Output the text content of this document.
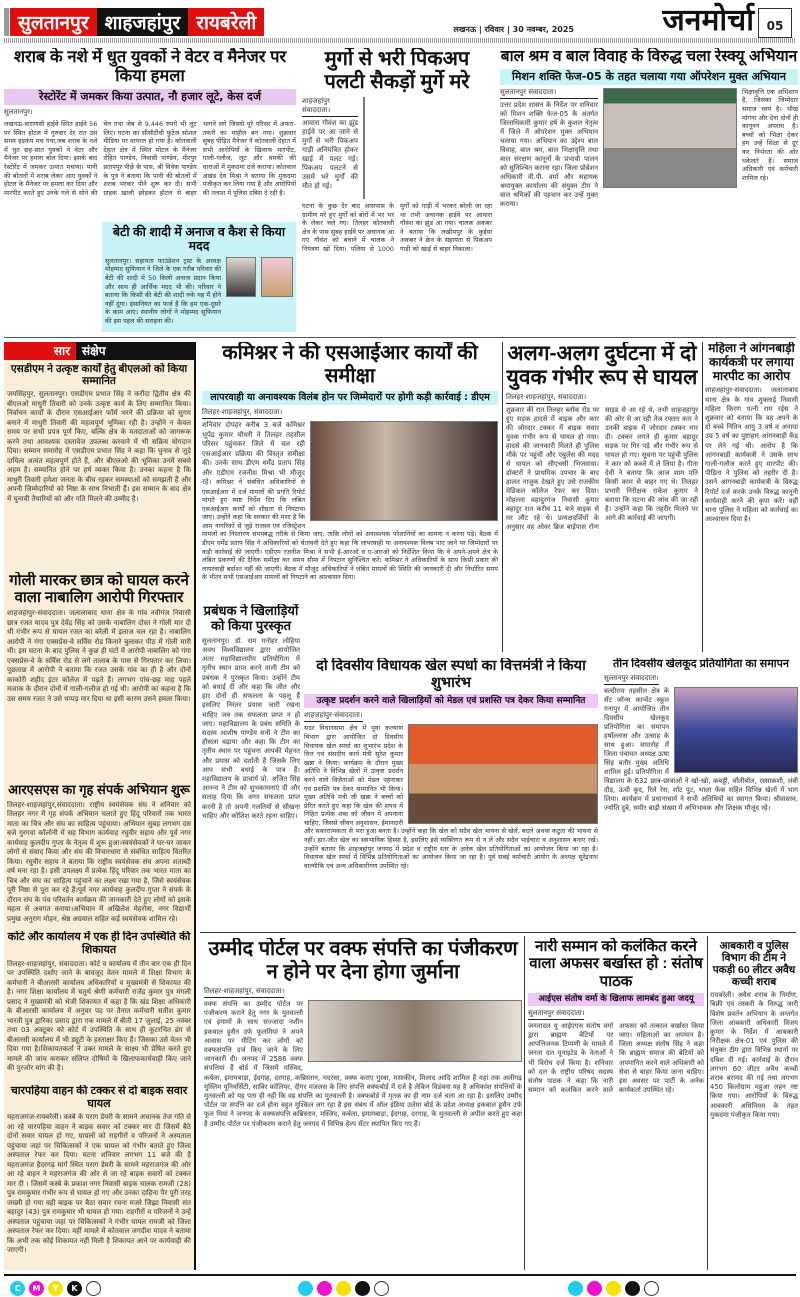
सुलतानपुर शाहजहांपुर रायबरेली	लखनऊ | रविवार | 30 नवम्बर, 2025	जनमोर्चा	05
शराब के नशे में धुत युवकों ने वेटर व मैनेजर पर किया हमला
रेस्टोरेंट में जमकर किया उत्पात, नौ हजार लूटे, केस दर्ज
सुलतानपुर।
लखनऊ-वाराणसी हाईवे स्थित हाईवे 56 पर स्थित होटल में गुरुवार देर रात उस समय हड़कंप मच गया,जब शराब के नशे में धुत छह-सात युवकों ने वेटर और मैनेजर पर हमला बोल दिया। इसके बाद रेस्टोरेंट में जमकर उत्पात मचाया। पानी की बोतलों में शराब लेकर आए युवकों ने होटल के मैनेजर पर हमला कर दिया और मारपीट करते हुए उनके गले से सोने की चेन तथा जेब से 9,446 रुपये भी लूट लिए। घटना का सीसीटीवी फुटेज सोशल मीडिया पर वायरल हो गया है। कोतवाली देहात क्षेत्र में स्थित मोटल के मैनेजर रोहित पाण्डेय, निवासी पाण्डेय, मीरपुर प्रतापपुर पीछे के पास, श्री विवेक पाण्डेय के पुत्र ने बताया कि पानी की बोतलों में शराब भरकर पीने शुरू कर दी। सभी ग्राहक खाली छोड़कर होटल से बाहर भागने लगे जिससे पूरे परिसर में अफरा-तफरी का माहौल बन गया। शुक्रवार सुबह पीड़ित मैनेजर ने कोतवाली देहात में सभी आरोपियों के खिलाफ मारपीट, गाली-गलौज, लूट और धमकी की धाराओं में मुकदमा दर्ज कराया। कोतवाल अखंड देव मिश्रा ने बताया कि मुकदमा पंजीकृत कर लिया गया है और आरोपियों की तलाश में पुलिस दबिश दे रही है।
बेटी की शादी में अनाज व कैश से किया मदद
सुलतानपुर। सहायता फाउंडेशन ट्रस्ट के अध्यक्ष मोहम्मद सुफियान ने जिले के एक गरीब परिवार की बेटी की शादी में 50 किलो अनाज प्रदान किया और साथ ही आर्थिक मदद भी की। परिवार ने बताया कि किसी की बेटी की शादी रुके यह मैं होने नहीं दूंगा। इंसानियत का फर्ज है कि हम एक-दूसरे के काम आएं। स्थानीय लोगों ने मोहम्मद सुफियान की इस पहल की सराहना की।
मुर्गो से भरी पिकअप पलटी सैकड़ों मुर्गे मरे
शाहजहांपुर संवाददाता।
आवारा गौवंश का झुंड हाईवे पर आ जाने से मुर्गों से भरी पिकअप गाड़ी अनियंत्रित होकर खाई में पलट गई। पिकअप पलटने से उसमें भरे मुर्गों की मौत हो गई।
घटना के कुछ देर बाद आसपास के ग्रामीण मरे हुए मुर्गों को बोरों में भर भर के लेकर चले गए। तिलहर कोतवाली क्षेत्र के पास सुबह हाईवे पर अचानक आ गए गौवंश को बचाने में चालक ने नियंत्रण खो दिया। पलिया से 1000 मुर्गों को गाड़ी में भरकर बरेली जा रहा था तभी अचानक हाईवे पर आवारा गौवंश का झुंड आ गया। चालक अकबर ने बताया कि लखीमपुर के कुईयां अकबर ने क्रेन के सहायता से पिकअप गाड़ी को खाई से बाहर निकाला।
बाल श्रम व बाल विवाह के विरुद्ध चला रेस्क्यू अभियान
मिशन शक्ति फेज-05 के तहत चलाया गया ऑपरेशन मुक्त अभियान
सुलतानपुर संवाददाता।
उत्तर प्रदेश शासन के निर्देश पर शनिवार को मिशन शक्ति फेज-05 के अंतर्गत जिलाधिकारी कुमार हर्ष के कुशल नेतृत्व में जिले में ऑपरेशन मुक्त अभियान चलाया गया। अभियान का उद्देश्य बाल विवाह, बाल श्रम, बाल भिक्षावृत्ति तथा बाल संरक्षण कानूनों के प्रभावी पालन को सुनिश्चित कराना रहा। जिला प्रोबेशन अधिकारी वी.पी. वर्मा और सहायक श्रमायुक्त कार्यालय की संयुक्त टीम ने बाल श्रमिकों की पहचान कर उन्हें मुक्त कराया।
भिक्षावृत्ति एक अभिशाप है, जिसका जिम्मेदार समाज स्वयं है। भीख मांगना और देना दोनों ही कानूनन अपराध है। बच्चों को भिक्षा देकर हम उन्हें शिक्षा से दूर कर निर्भरता की ओर धकेलते हैं। समाज अधिकारी एवं कर्मचारी शामिल रहे।
सार	संक्षेप
एसडीएम ने उत्कृष्ट कार्यों हेतु बीएलओ को किया सम्मानित
जयसिंहपुर, सुलतानपुर। एसडीएम प्रभात सिंह ने करौंदा द्वितीय क्षेत्र की बीएलओ माधुरी तिवारी को उनके उत्कृष्ट कार्य के लिए सम्मानित किया। निर्वाचन कार्यों के दौरान एसआईआर फॉर्म भरने की प्रक्रिया को सुगम बनाने में माधुरी तिवारी की महत्वपूर्ण भूमिका रही है। उन्होंने न केवल समय पर सभी प्रपत्र पूर्ण किए, बल्कि क्षेत्र के मतदाताओं को जागरूक करने तथा आवश्यक दस्तावेज उपलब्ध करवाने में भी सक्रिय योगदान दिया। सम्मान समारोह में एसडीएम प्रभात सिंह ने कहा कि चुनाव से जुड़े दायित्व अत्यंत महत्वपूर्ण होते हैं, और बीएलओ की भूमिका उनमें सबसे अहम है। सम्मानित होने पर हर्ष व्यक्त किया है। उनका कहना है कि माधुरी तिवारी हमेशा जनता के बीच रहकर समस्याओं को समझती हैं और अपनी जिम्मेदारियों को निष्ठा के साथ निभाती हैं। इस सम्मान के बाद क्षेत्र में चुनावी तैयारियों को और गति मिलने की उम्मीद है।
गोली मारकर छात्र को घायल करने वाला नाबालिग आरोपी गिरफ्तार
शाहजहांपुर-संवाददाता। जलालाबाद थाना क्षेत्र के गांव नवीगंज निवासी छात्र रजत यादव पुत्र देवेंद्र सिंह को उसके नाबालिग दोस्त ने गोली मार दी थी गंभीर रूप से घायल रजत का बरेली में इलाज चल रहा है। नाबालिग आरोपी ने गंगा एक्सप्रेस-वे सर्विस रोड किनारे बुलाकर पीठ में गोली मारी थी। इस घटना के बाद पुलिस ने कुछ ही घंटों में आरोपी नाबालिग को गंगा एक्सप्रेस-वे के सर्विस रोड से लगे तालाब के पास से गिरफ्तार कर लिया। पूछताछ में आरोपी ने बताया कि रजत उसके गांव का ही है और दोनों काकोरी शहीद इंटर कॉलेज में पढ़ते हैं। लगभग पांच-छह माह पहले मजाक के दौरान दोनों में गाली-गलौज हो गई थी। आरोपी का कहना है कि उस समय रजत ने उसे थप्पड़ मार दिया था इसी कारण उसने हमला किया।
आरएसएस का गृह संपर्क अभियान शुरू
तिलहर-शाहजहांपुर,संवाददाता। राष्ट्रीय स्वयंसेवक संघ ने शनिवार को तिलहर नगर में गृह संपर्क अभियान चलाते हुए हिंदू परिवारों तक भारत माता का चित्र और संघ का साहित्य पहुंचाया। अभियान सुबह लगभग दस बजे गुरगवां कॉलोनी में सह विभाग कार्यवाह रघुवीर सहाय और पूर्व नगर कार्यवाह कुलदीप गुप्ता के नेतृत्व में शुरू हुआ।स्वयंसेवकों ने घर-घर जाकर लोगों से संवाद किया और संघ की विचारधारा से संबंधित साहित्य वितरित किया। रघुवीर सहाय ने बताया कि राष्ट्रीय स्वयंसेवक संघ अपना शताब्दी वर्ष मना रहा है। इसी उपलक्ष्य में प्रत्येक हिंदू परिवार तक भारत माता का चित्र और संघ का साहित्य पहुंचाने का लक्ष्य रखा गया है, जिसे स्वयंसेवक पूरी निष्ठा से पूरा कर रहे हैं।पूर्व नगर कार्यवाह कुलदीप गुप्ता ने संपर्क के दौरान संघ के पंच परिवर्तन कार्यक्रम की जानकारी देते हुए लोगों को इसके महत्व से अवगत कराया।अभियान में अखिलेश मेहरोत्रा, नगर विद्यार्थी प्रमुख अनुराग मोहन, श्रेष्ठ अग्रवाल सहित कई स्वयंसेवक शामिल रहे।
कोर्ट और कार्यालय में एक ही दिन उपस्थिति की शिकायत
तिलहर-शाहजहांपुर, संवाददाता। कोर्ट व कार्यालय में तीन बार एक ही दिन पर उपस्थिति दर्शाए जाने के बावजूद वेतन मामले में शिक्षा विभाग के कर्मचारी ने बीआरसी कार्यालय अधिकारियों व मुख्यमंत्री से शिकायत की है। नगर शिक्षा कार्यालय में चतुर्थ श्रेणी कर्मचारी राजेंद्र कुमार पुत्र मंगली प्रसाद ने मुख्यमंत्री को भेजी शिकायत में कहा है कि खंड शिक्षा अधिकारी के बीआरसी कार्यालय में अनुचर पद पर तैनात कर्मचारी सतीश कुमार भारती पुत्र द्वारिका प्रसाद द्वारा एक मामले में बीती 17 जुलाई, 25 नवंबर तथा 03 अक्टूबर को कोर्ट में उपस्थिति के साथ ही कूटरचित ढंग से बीआरसी कार्यालय में भी ड्यूटी के हस्ताक्षर किए हैं। जिसका उसे वेतन भी दिया गया है।शिकायतकर्ता ने उक्त मामले के साक्ष्य भी प्रेषित करते हुए मामले की जांच कराकर संलिप्त दोषियों के खिलाफकार्यवाही किए जाने की पुरजोर मांग की है।
चारपहिया वाहन की टक्कर से दो बाइक सवार घायल
महराजगंज-रायबरेली। कस्बे के पराग डेयरी के सामने अचानक तेज गति से आ रहे चारपहिया वाहन ने बाइक सवार को टक्कर मार दी जिसमें बैठे दोनों सवार घायल हो गए, घायलों को राहगीरों व परिजनों ने अस्पताल पहुंचाया जहां पर चिकित्सकों ने एक घायल को गंभीर बताते हुए जिला अस्पताल रेफर कर दिया। घटना शनिवार लगभग 11 बजे की है महराजगंज हैदरगढ़ मार्ग स्थित पराग डेयरी के सामने महराजगंज की ओर आ रहे वाहन ने महराजगंज की ओर से जा रहे बाइक सवारों को टक्कर मार दी । जिसमें कस्बे के प्रकाश नगर निवासी बाइक चालक रामजी (28) पुत्र रामकुमार गंभीर रूप से घायल हो गए और उनका दाहिना पैर पूरी तरह जख्मी हो गया वही बाइक पर बैठा सवार रचना मजरे जिझा निवासी संत बहादुर (43) पुत्र रामकुमार भी घायल हो गया। राहगीरों व परिजनों ने उन्हें अस्पताल पहुंचाया जहां पर चिकित्सकों ने गंभीर घायल रामजी को जिला अस्पताल रेफर कर दिया। वहीं मामले में कोतवाल जगदीश यादव ने बताया कि अभी तक कोई शिकायत नहीं मिली है शिकायत आने पर कार्यवाही की जाएगी।
कमिश्नर ने की एसआईआर कार्यों की समीक्षा
लापरवाही या अनावश्यक विलंब होन पर जिम्मेदारों पर होगी कड़ी कार्रवाई : डीएम
तिलहर-शाहजहांपुर, संवाददाता।
शनिवार दोपहर करीब 3 बजे कमिश्नर भूपेंद्र कुमार चौधरी ने तिलहर तहसील परिसर पहुंचकर जिले में चल रही एसआईआर प्रक्रिया की विस्तृत समीक्षा की। उनके साथ डीएम धर्मेंद्र प्रताप सिंह और एडीएम रजनीश मिश्रा भी मौजूद रहे। कमिश्नर ने संबंधित अधिकारियों से एसआईआर में दर्ज मामलों की प्रगति रिपोर्ट मांगते हुए स्पष्ट निर्देश दिए कि लंबित एसआईआर कार्यों को शीघ्रता से निपटाया जाए। उन्होंने कहा कि सरकार की मंशा है कि आम नागरिकों से जुड़े राजस्व एवं रजिस्ट्रेशन मामलों का निस्तारण समयबद्ध तरीके से किया जाए, ताकि लोगों को अनावश्यक परेशानियों का सामना न करना पड़े। बैठक में डीएम धर्मेंद्र प्रताप सिंह ने अधिकारियों को चेतावनी देते हुए कहा कि लापरवाही या अनावश्यक विलंब पाए जाने पर जिम्मेदारों पर कड़ी कार्रवाई की जाएगी। एडीएम रजनीश मिश्रा ने सभी ई-आरओ व ए-आरओ को निर्देशित किया कि वे अपने-अपने क्षेत्र के लंबित प्रकरणों की दैनिक समीक्षा कर समय सीमा में निपटान सुनिश्चित करें। कमिश्नर ने अधिकारियों के साथ किसी प्रकार की लापरवाही बर्दाश्त नहीं की जाएगी। बैठक में मौजूद अधिकारियों ने लंबित मामलों की स्थिति की जानकारी दी और निर्धारित समय के भीतर सभी एसआईआर मामलों को निपटाने का आश्वासन दिया।
अलग-अलग दुर्घटना में दो युवक गंभीर रूप से घायल
तिलहर-शाहजहांपुर, संवाददाता।
शुक्रवार की रात तिलहर ब्लॉक रोड पर हुए सड़क हादसे में बाइक और कार की जोरदार टक्कर में बाइक सवार युवक गंभीर रूप से घायल हो गया। हादसे की जानकारी मिलते ही पुलिस मौके पर पहुंची और एंबुलेंस की मदद से घायल को सीएचसी भिजवाया। डॉक्टरों ने प्राथमिक उपचार के बाद हालत नाजुक देखते हुए उसे राजकीय मेडिकल कॉलेज रेफर कर दिया। मोहल्ला बहादुरगंज निवासी कुमार बहादुर रात करीब 11 बजे बाइक से घर लौट रहे थे। प्रत्यक्षदर्शियों के अनुसार वह ओवर ब्रिज बाईपास रॉन्ग साइड से आ रहे थे, तभी शाहजहांपुर की ओर से आ रही तेज रफ्तार कार ने उनकी बाइक में जोरदार टक्कर मार दी। टक्कर लगते ही कुमार बहादुर सड़क पर गिर पड़े और गंभीर रूप से घायल हो गए। सूचना पर पहुंची पुलिस ने कार को कब्जे में ले लिया है। गीता देवी ने बताया कि आज शाम पति किसी काम से बाहर गए थे। तिलहर प्रभारी निरीक्षक राकेश कुमार ने बताया कि घटना की जांच की जा रही है। उन्होंने कहा कि तहरीर मिलने पर आगे की कार्रवाई की जाएगी।
महिला ने आंगनबाड़ी कार्यकत्री पर लगाया मारपीट का आरोप
शाहजहांपुर-संवाददाता। जलालाबाद थाना क्षेत्र के गांव शुक्लाई निवासी महिला किरण पत्नी राम रईस ने शुक्रवार को बताया कि वह अपने के दो बच्चे नितिन आयु 3 वर्ष व अनाया उम्र 5 वर्ष का पुष्टाहार आंगनबाड़ी केंद्र पर लेने गई थी। आरोप है कि आंगनबाड़ी कार्यकत्री ने उसके साथ गाली-गलौज करते हुए मारपीट की। पीड़िता ने पुलिस को तहरीर दी है। उसने आंगनबाड़ी कार्यकत्री के विरुद्ध रिपोर्ट दर्ज करके उनके विरुद्ध कानूनी कार्यवाही करने की कृपा करें। वहीं थाना पुलिस ने महिला को कार्रवाई का आश्वासन दिया है।
प्रबंधक ने खिलाड़ियों को किया पुरस्कृत
सुलतानपुर। डॉ. राम मनोहर लोहिया अवध विश्वविद्यालय द्वारा आयोजित अंतर महाविद्यालयीय प्रतियोगिता में तृतीय स्थान प्राप्त करने वाली टीम को प्रबंधक ने पुरस्कृत किया। उन्होंने टीम को बधाई दी और कहा कि जीत और हार दोनों ही सफलता के पहलू हैं इसलिए निरंतर प्रयास जारी रखना चाहिए जब तक सफलता प्राप्त न हो जाए। महाविद्यालय के प्रबंध समिति के सदस्य आशीष पाण्डेय सनी ने टीम का हौसला बढ़ाया और कहा कि टीम का तृतीय स्थान पर पहुंचना आपकी मेहनत और प्रयास को दर्शाती है जिसके लिए आप सभी बधाई के पात्र हैं। महाविद्यालय के प्राचार्य प्रो. अजित सिंह आनन्द ने टीम को शुभकामनाएं दी और सलाह दिया कि अगर सफलता प्राप्त करनी है तो अपनी गलतियों से सीखना चाहिए और कोशिश करते रहना चाहिए।
दो दिवसीय विधायक खेल स्पर्धा का वित्तमंत्री ने किया शुभारंभ
उत्कृष्ट प्रदर्शन करने वाले खिलाड़ियों को मेडल एवं प्रशस्ति पत्र देकर किया सम्मानित
शाहजहांपुर-संवाददाता।
सदर विधानसभा क्षेत्र में युवा कल्याण विभाग द्वारा आयोजित दो दिवसीय विधायक खेल स्पर्धा का शुभारंभ प्रदेश के वित्त एवं संसदीय कार्य मंत्री सुरेश कुमार खन्ना ने किया। कार्यक्रम के दौरान मुख्य अतिथि ने विभिन्न खेलों में उत्कृष्ट प्रदर्शन करने वाले विजेताओं को मेडल पहनाकर एवं प्रशस्ति पत्र देकर सम्मानित भी किया। मुख्य अतिथि मंत्री जी खन्ना ने बच्चों को प्रेरित करते हुए कहा कि खेल की शपथ में निहित प्रत्येक शब्द को जीवन में अपनाना चाहिए, जिससे जीवन अनुशासन, ईमानदारी और सकारात्मकता से भरा हुआ बनता है। उन्होंने कहा कि खेल को सदैव खेल भावना से खेलें, बदले अथवा कटुता की भावना से नहीं। हार-जीत खेल का स्वाभाविक हिस्सा है, इसलिए इसे व्यक्तिगत रूप से न लें और सदैव भाईचारा व अनुशासन बनाए रखें। उन्होंने बताया कि शाहजहांपुर जनपद में प्रदेश व राष्ट्रीय स्तर के अनेक खेल प्रतियोगिताओं का आयोजन किया जा रहा है। विधायक खेल स्पर्धा में विभिन्न प्रतियोगिताओं का आयोजन किया जा रहा है। पूर्व सबई कर्मचारी आयोग के अध्यक्ष सुरेंद्रनाथ वाल्मीकि एवं अन्य अधिकारीगण उपस्थित रहे।
तीन दिवसीय खेलकूद प्रतियोगिता का समापन
सुल्तानपुर संवाददाता।
बल्दीराय तहसील क्षेत्र के सेंट जॉन्स कान्वेंट स्कूल गनापुर में आयोजित तीन दिवसीय खेलकूद प्रतियोगिता का समापन हर्षोल्लास और उत्साह के साथ हुआ। समारोह में जिला पंचायत अध्यक्ष ऊषा सिंह बतौर मुख्य अतिथि शामिल हुईं। प्रतियोगिता में विद्यालय के 632 छात्र-छात्राओं ने खो-खो, कबड्डी, वॉलीबॉल, रस्साकशी, लंबी दौड़, ऊंची कूद, रिले रेस, शॉट पुट, भाला फेंक सहित विभिन्न खेलों में भाग लिया। कार्यक्रम में प्रधानाचार्य ने सभी अतिथियों का स्वागत किया। श्रीवास्तव, ज्योति दुबे, समीर बाढ़ी संख्या में अभिभावक और शिक्षक मौजूद रहे।
उम्मीद पोर्टल पर वक्फ संपत्ति का पंजीकरण न होने पर देना होगा जुर्माना
तिलहर-शाहजहांपुर, संवाददाता।
वक्फ संपत्ति का उम्मीद पोर्टल पर पंजीकरण कराने हेतु नगर के मुतवल्ली एवं इमामों के साथ सज्जादा नशीन इकबाल हुसैन उर्फ फूलमियां ने अपने आवास पर मीटिंग कर लोगों को वक्फसंपत्ति दर्ज किए जाने के लिए जानकारी दी। जनपद में 2586 वक्फ संपत्तियां हैं बोर्ड में जिसमें मस्जिद, कर्बला, इमामबाड़ा, ईदगाह, दरगाह, कब्रिस्तान, मदरसा, वक्फ कराए गुरबा, मसाकीन, मिलाद आदि शामिल हैं यहां तक अलीगढ़ मुस्लिम यूनिवर्सिटी, साबिर कॉलियर, दीगर मजलस के लिए संपत्ति वक्फबोर्ड में दर्ज है लेकिन विडंबना यह है अधिकांश संपत्तियों के मुतवल्ली को यह पता ही नहीं कि वह संपत्ति का मुतवल्ली है। वक्फबोर्ड में मृतक का ही नाम दर्ज चला आ रहा है। इसलिए उम्मीद पोर्टल पर संपत्ति का दर्ज होना बहुत मुश्किल लग रहा है इस संबंध में ऑल इंडिया उलेमा बोर्ड के प्रदेश अध्यक्ष इकबाल हुसैन उर्फ फूल मियां ने जनपद के वक्फसंपत्ति कब्रिस्तान, मस्जिद, कर्बला, इमामबाड़ा, ईदगाह, दरगाह, के मुतवल्ली से अपील करते हुए कहा है उम्मीद पोर्टल पर पंजीकरण कराने हेतु जनपद में विभिन्न हेल्प सेंटर स्थापित किए गए हैं।
नारी सम्मान को कलंकित करने वाला अफसर बर्खास्त हो : संतोष पाठक
आईएस संतोष वर्मा के खिलाफ लामबंद हुआ जदयू
सुलतानपुर संवाददाता।
जनतादल यू आईएएस संतोष वर्मा द्वारा ब्राह्मण बेटियों पर आपत्तिजनक टिप्पणी के मामले में जनता दल यूनाइटेड के नेताओं ने भी विरोध दर्ज किया है। शनिवार को दल के राष्ट्रीय परिषद सदस्य संतोष पाठक ने कहा कि नारी सम्मान को कलंकित करने वाले अफसर को तत्काल बर्खास्त किया जाए। महिलाओं का अपमान है। जिला अध्यक्ष संतोष सिंह ने कहा कि ब्राह्मण समाज की बेटियों को अपमानित करने वाले अधिकारी को सेवा से बाहर किया जाना चाहिए। इस अवसर पर पार्टी के अनेक कार्यकर्ता उपस्थित रहे।
आबकारी व पुलिस विभाग की टीम ने पकड़ी 60 लीटर अवैध कच्ची शराब
रायबरेली। अवैध शराब के निर्माण, बिक्री एवं तस्करी के विरुद्ध जारी विशेष प्रवर्तन अभियान के अन्तर्गत जिला आबकारी अधिकारी विजय कुमार के निर्देश में आबकारी निरीक्षक क्षेत्र-01 एवं पुलिस की संयुक्त टीम द्वारा विभिन्न स्थानों पर दबिश दी गई। कार्रवाई के दौरान लगभग 60 लीटर अवैध कच्ची शराब बरामद की गई तथा लगभग 450 किलोग्राम महुआ लहन नष्ट किया गया। आरोपियों के विरुद्ध आबकारी अधिनियम के तहत मुकदमा पंजीकृत किया गया।
C M Y K
